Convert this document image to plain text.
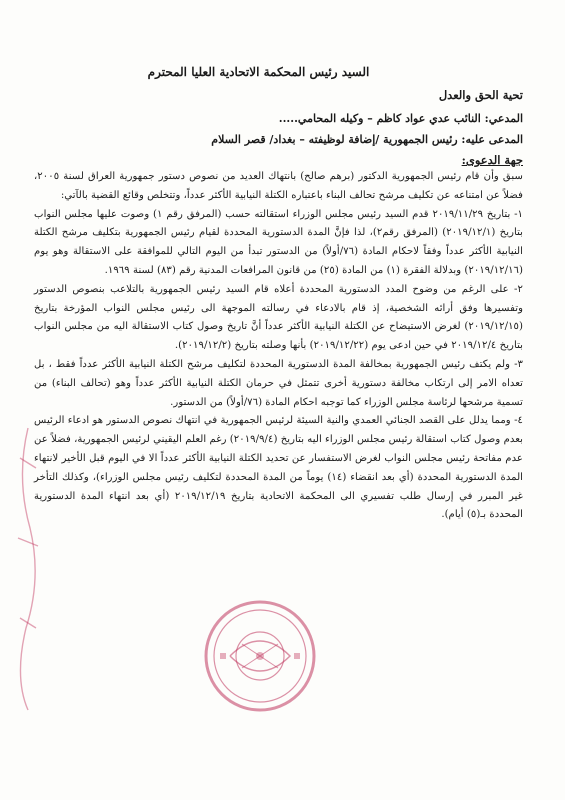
السيد رئيس المحكمة الاتحادية العليا المحترم

تحية الحق والعدل

المدعي: النائب عدي عواد كاظم – وكيله المحامي.....

المدعى عليه: رئيس الجمهورية /إضافة لوظيفته – بغداد/ قصر السلام

جهة الدعوى:

سبق وأن قام رئيس الجمهورية الدكتور (برهم صالح) بانتهاك العديد من نصوص دستور جمهورية العراق لسنة ٢٠٠٥، فضلاً عن امتناعه عن تكليف مرشح تحالف البناء باعتباره الكتلة النيابية الأكثر عدداً، وتتخلص وقائع القضية بالآتي:

١- بتاريخ ٢٠١٩/١١/٢٩ قدم السيد رئيس مجلس الوزراء استقالته حسب (المرفق رقم ١) وصوت عليها مجلس النواب بتاريخ (٢٠١٩/١٢/١) (المرفق رقم٢)، لذا فإنَّ المدة الدستورية المحددة لقيام رئيس الجمهورية بتكليف مرشح الكتلة النيابية الأكثر عدداً وفقاً لاحكام المادة (٧٦/أولاً) من الدستور تبدأ من اليوم التالي للموافقة على الاستقالة وهو يوم (٢٠١٩/١٢/١٦) وبدلالة الفقرة (١) من المادة (٢٥) من قانون المرافعات المدنية رقم (٨٣) لسنة ١٩٦٩.

٢- على الرغم من وضوح المدد الدستورية المحددة أعلاه قام السيد رئيس الجمهورية بالتلاعب بنصوص الدستور وتفسيرها وفق أرائه الشخصية، إذ قام بالادعاء في رسالته الموجهة الى رئيس مجلس النواب المؤرخة بتاريخ (٢٠١٩/١٢/١٥) لغرض الاستيضاح عن الكتلة النيابية الأكثر عدداً أنَّ تاريخ وصول كتاب الاستقالة اليه من مجلس النواب بتاريخ ٢٠١٩/١٢/٤ في حين ادعى يوم (٢٠١٩/١٢/٢٢) بأنها وصلته بتاريخ (٢٠١٩/١٢/٢).

٣- ولم يكتف رئيس الجمهورية بمخالفة المدة الدستورية المحددة لتكليف مرشح الكتلة النيابية الأكثر عدداً فقط ، بل تعداه الامر إلى ارتكاب مخالفة دستورية أخرى تتمثل في حرمان الكتلة النيابية الأكثر عدداً وهو (تحالف البناء) من تسمية مرشحها لرئاسة مجلس الوزراء كما توجبه احكام المادة (٧٦/أولاً) من الدستور.

٤- ومما يدلل على القصد الجنائي العمدي والنية السيئة لرئيس الجمهورية في انتهاك نصوص الدستور هو ادعاء الرئيس بعدم وصول كتاب استقالة رئيس مجلس الوزراء اليه بتاريخ (٢٠١٩/٩/٤) رغم العلم اليقيني لرئيس الجمهورية، فضلاً عن عدم مفاتحة رئيس مجلس النواب لغرض الاستفسار عن تحديد الكتلة النيابية الأكثر عدداً الا في اليوم قبل الأخير لانتهاء المدة الدستورية المحددة (أي بعد انقضاء (١٤) يوماً من المدة المحددة لتكليف رئيس مجلس الوزراء)، وكذلك التأخر غير المبرر في إرسال طلب تفسيري الى المحكمة الاتحادية بتاريخ ٢٠١٩/١٢/١٩ (أي بعد انتهاء المدة الدستورية المحددة بـ(٥) أيام).
